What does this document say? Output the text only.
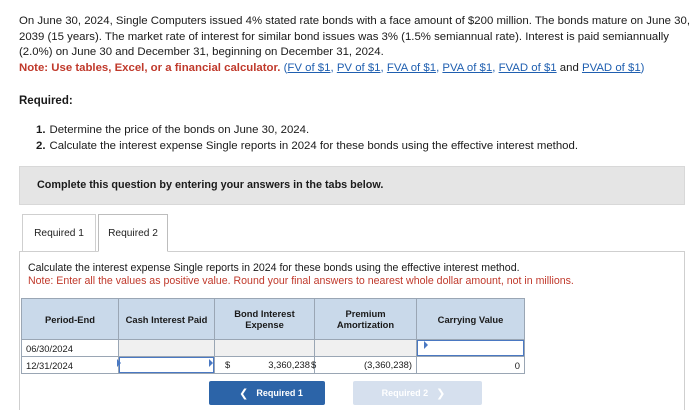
On June 30, 2024, Single Computers issued 4% stated rate bonds with a face amount of $200 million. The bonds mature on June 30, 2039 (15 years). The market rate of interest for similar bond issues was 3% (1.5% semiannual rate). Interest is paid semiannually (2.0%) on June 30 and December 31, beginning on December 31, 2024.
Note: Use tables, Excel, or a financial calculator. (FV of $1, PV of $1, FVA of $1, PVA of $1, FVAD of $1 and PVAD of $1)
Required:
1. Determine the price of the bonds on June 30, 2024.
2. Calculate the interest expense Single reports in 2024 for these bonds using the effective interest method.
Complete this question by entering your answers in the tabs below.
Required 1	Required 2
Calculate the interest expense Single reports in 2024 for these bonds using the effective interest method.
Note: Enter all the values as positive value. Round your final answers to nearest whole dollar amount, not in millions.
Period-End	Cash Interest Paid	Bond Interest Expense	Premium Amortization	Carrying Value
06/30/2024				
12/31/2024		$ 3,360,238	$ (3,360,238)	0
❮ Required 1	Required 2 ❯
